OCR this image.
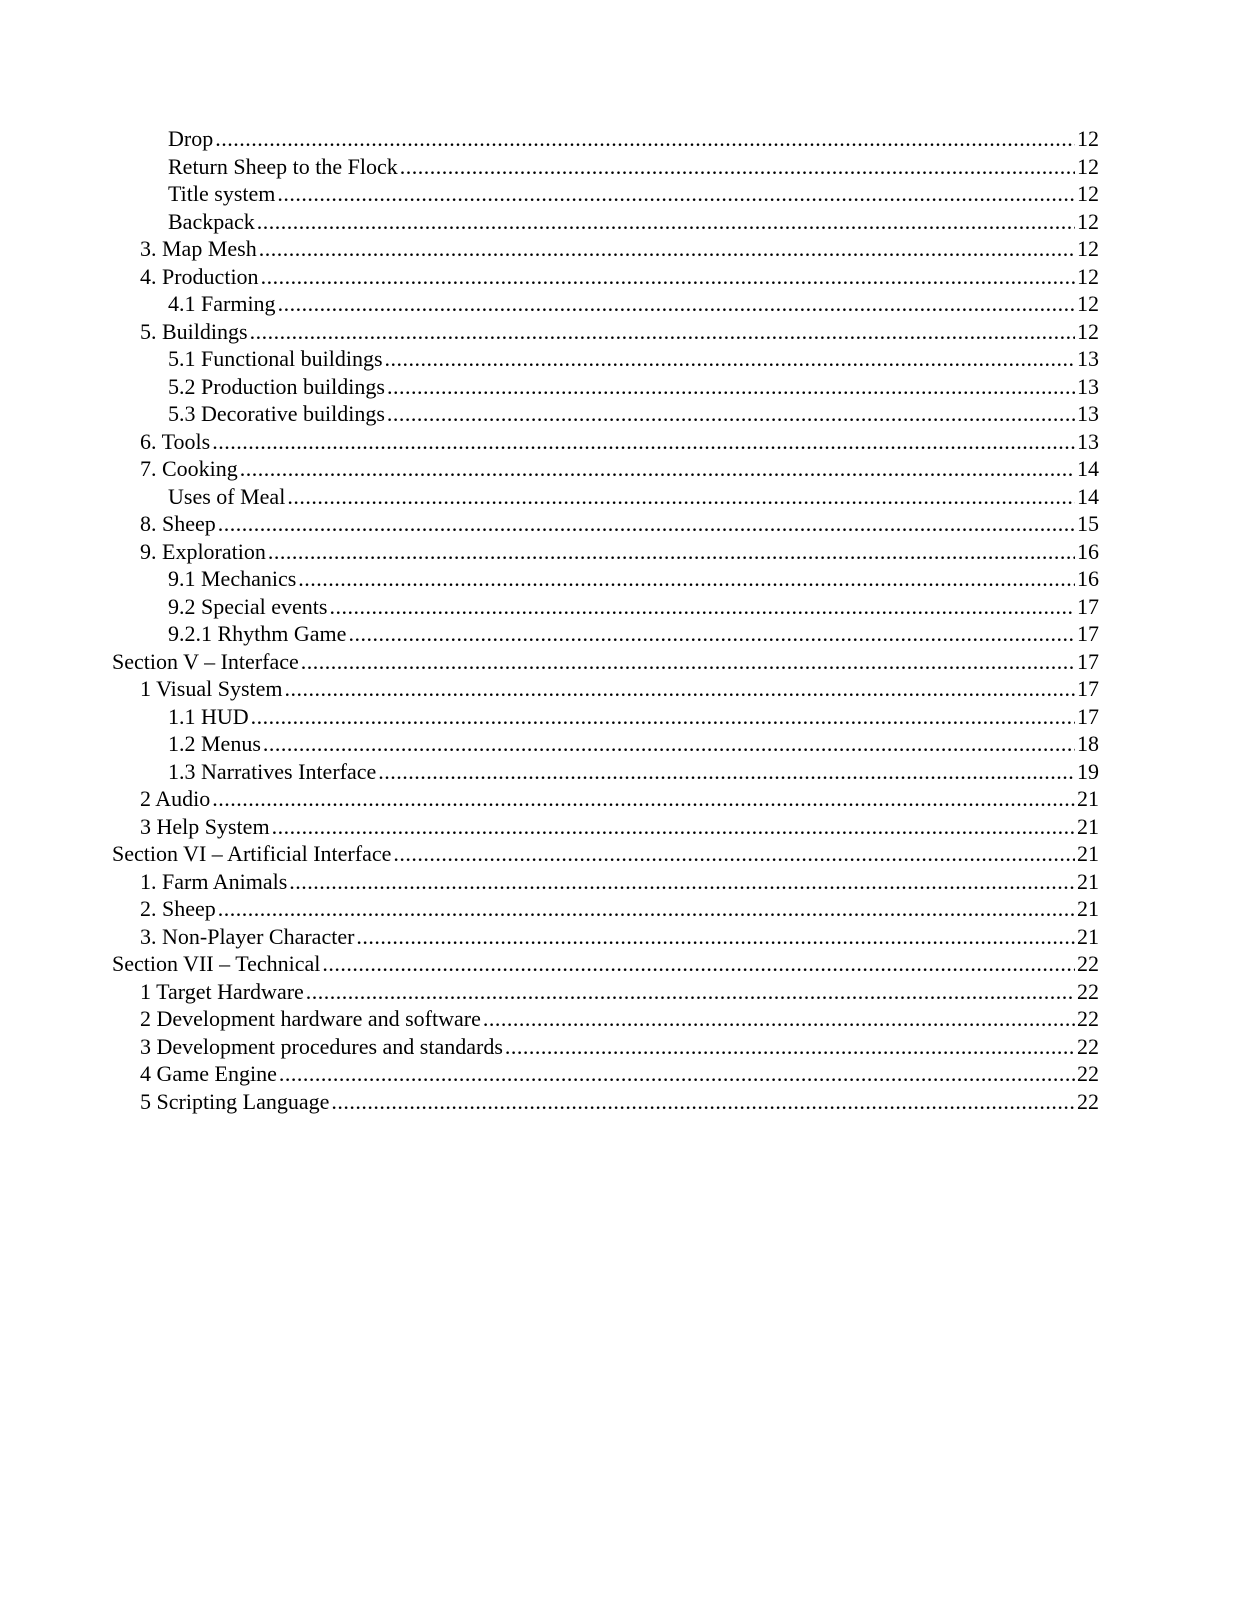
Drop .....	12
Return Sheep to the Flock .....	12
Title system .....	12
Backpack .....	12
3. Map Mesh .....	12
4. Production .....	12
4.1 Farming .....	12
5. Buildings .....	12
5.1 Functional buildings .....	13
5.2 Production buildings .....	13
5.3 Decorative buildings .....	13
6. Tools .....	13
7. Cooking .....	14
Uses of Meal .....	14
8. Sheep .....	15
9. Exploration .....	16
9.1 Mechanics .....	16
9.2 Special events .....	17
9.2.1 Rhythm Game .....	17
Section V – Interface .....	17
1 Visual System .....	17
1.1 HUD .....	17
1.2 Menus .....	18
1.3 Narratives Interface .....	19
2 Audio .....	21
3 Help System .....	21
Section VI – Artificial Interface .....	21
1. Farm Animals .....	21
2. Sheep .....	21
3. Non-Player Character .....	21
Section VII – Technical .....	22
1 Target Hardware .....	22
2 Development hardware and software .....	22
3 Development procedures and standards .....	22
4 Game Engine .....	22
5 Scripting Language .....	22
